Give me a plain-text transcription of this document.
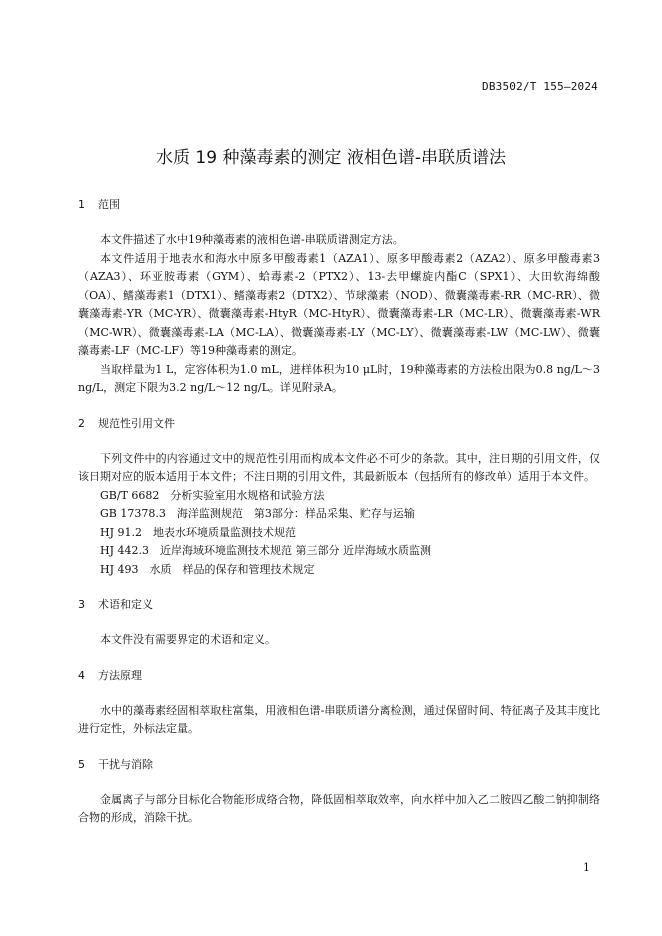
DB3502/T 155—2024
水质 19 种藻毒素的测定 液相色谱-串联质谱法
1 范围

本文件描述了水中19种藻毒素的液相色谱-串联质谱测定方法。

本文件适用于地表水和海水中原多甲酸毒素1（AZA1）、原多甲酸毒素2（AZA2）、原多甲酸毒素3（AZA3）、环亚胺毒素（GYM）、蛤毒素-2（PTX2）、13-去甲螺旋内酯C（SPX1）、大田软海绵酸（OA）、鳍藻毒素1（DTX1）、鳍藻毒素2（DTX2）、节球藻素（NOD）、微囊藻毒素-RR（MC-RR）、微囊藻毒素-YR（MC-YR）、微囊藻毒素-HtyR（MC-HtyR）、微囊藻毒素-LR（MC-LR）、微囊藻毒素-WR（MC-WR）、微囊藻毒素-LA（MC-LA）、微囊藻毒素-LY（MC-LY）、微囊藻毒素-LW（MC-LW）、微囊藻毒素-LF（MC-LF）等19种藻毒素的测定。

当取样量为1 L，定容体积为1.0 mL，进样体积为10 μL时，19种藻毒素的方法检出限为0.8 ng/L～3 ng/L，测定下限为3.2 ng/L～12 ng/L。详见附录A。

2 规范性引用文件

下列文件中的内容通过文中的规范性引用而构成本文件必不可少的条款。其中，注日期的引用文件，仅该日期对应的版本适用于本文件；不注日期的引用文件，其最新版本（包括所有的修改单）适用于本文件。

GB/T 6682　分析实验室用水规格和试验方法

GB 17378.3　海洋监测规范　第3部分：样品采集、贮存与运输

HJ 91.2　地表水环境质量监测技术规范

HJ 442.3　近岸海域环境监测技术规范 第三部分 近岸海域水质监测

HJ 493　水质　样品的保存和管理技术规定

3 术语和定义

本文件没有需要界定的术语和定义。

4 方法原理

水中的藻毒素经固相萃取柱富集，用液相色谱-串联质谱分离检测，通过保留时间、特征离子及其丰度比进行定性，外标法定量。

5 干扰与消除

金属离子与部分目标化合物能形成络合物，降低固相萃取效率，向水样中加入乙二胺四乙酸二钠抑制络合物的形成，消除干扰。

1
